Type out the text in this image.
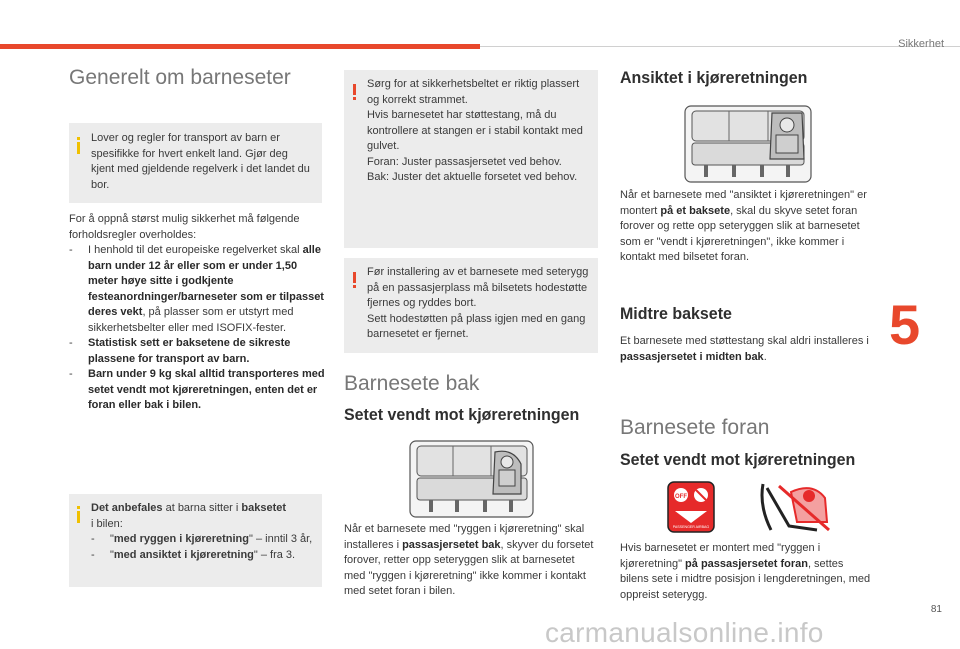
Sikkerhet
5
81
carmanualsonline.info
Generelt om barneseter
Lover og regler for transport av barn er spesifikke for hvert enkelt land. Gjør deg kjent med gjeldende regelverk i det landet du bor.
For å oppnå størst mulig sikkerhet må følgende forholdsregler overholdes:
- I henhold til det europeiske regelverket skal alle barn under 12 år eller som er under 1,50 meter høye sitte i godkjente festeanordninger/barneseter som er tilpasset deres vekt, på plasser som er utstyrt med sikkerhetsbelter eller med ISOFIX-fester.
- Statistisk sett er baksetene de sikreste plassene for transport av barn.
- Barn under 9 kg skal alltid transporteres med setet vendt mot kjøreretningen, enten det er foran eller bak i bilen.
Det anbefales at barna sitter i baksetet
i bilen:
- "med ryggen i kjøreretning" – inntil 3 år,
- "med ansiktet i kjøreretning" – fra 3.
Sørg for at sikkerhetsbeltet er riktig plassert og korrekt strammet.
Hvis barnesetet har støttestang, må du kontrollere at stangen er i stabil kontakt med gulvet.
Foran: Juster passasjersetet ved behov.
Bak: Juster det aktuelle forsetet ved behov.
Før installering av et barnesete med seterygg på en passasjerplass må bilsetets hodestøtte fjernes og ryddes bort.
Sett hodestøtten på plass igjen med en gang barnesetet er fjernet.
Barnesete bak
Setet vendt mot kjøreretningen
Når et barnesete med "ryggen i kjøreretning" skal installeres i passasjersetet bak, skyver du forsetet forover, retter opp seteryggen slik at barnesetet med "ryggen i kjøreretning" ikke kommer i kontakt med setet foran i bilen.
Ansiktet i kjøreretningen
Når et barnesete med "ansiktet i kjøreretningen" er montert på et baksete, skal du skyve setet foran forover og rette opp seteryggen slik at barnesetet som er "vendt i kjøreretningen", ikke kommer i kontakt med bilsetet foran.
Midtre baksete
Et barnesete med støttestang skal aldri installeres i passasjersetet i midten bak.
Barnesete foran
Setet vendt mot kjøreretningen
OFF
PASSENGER AIRBAG
Hvis barnesetet er montert med "ryggen i kjøreretning" på passasjersetet foran, settes bilens sete i midtre posisjon i lengderetningen, med oppreist seterygg.
